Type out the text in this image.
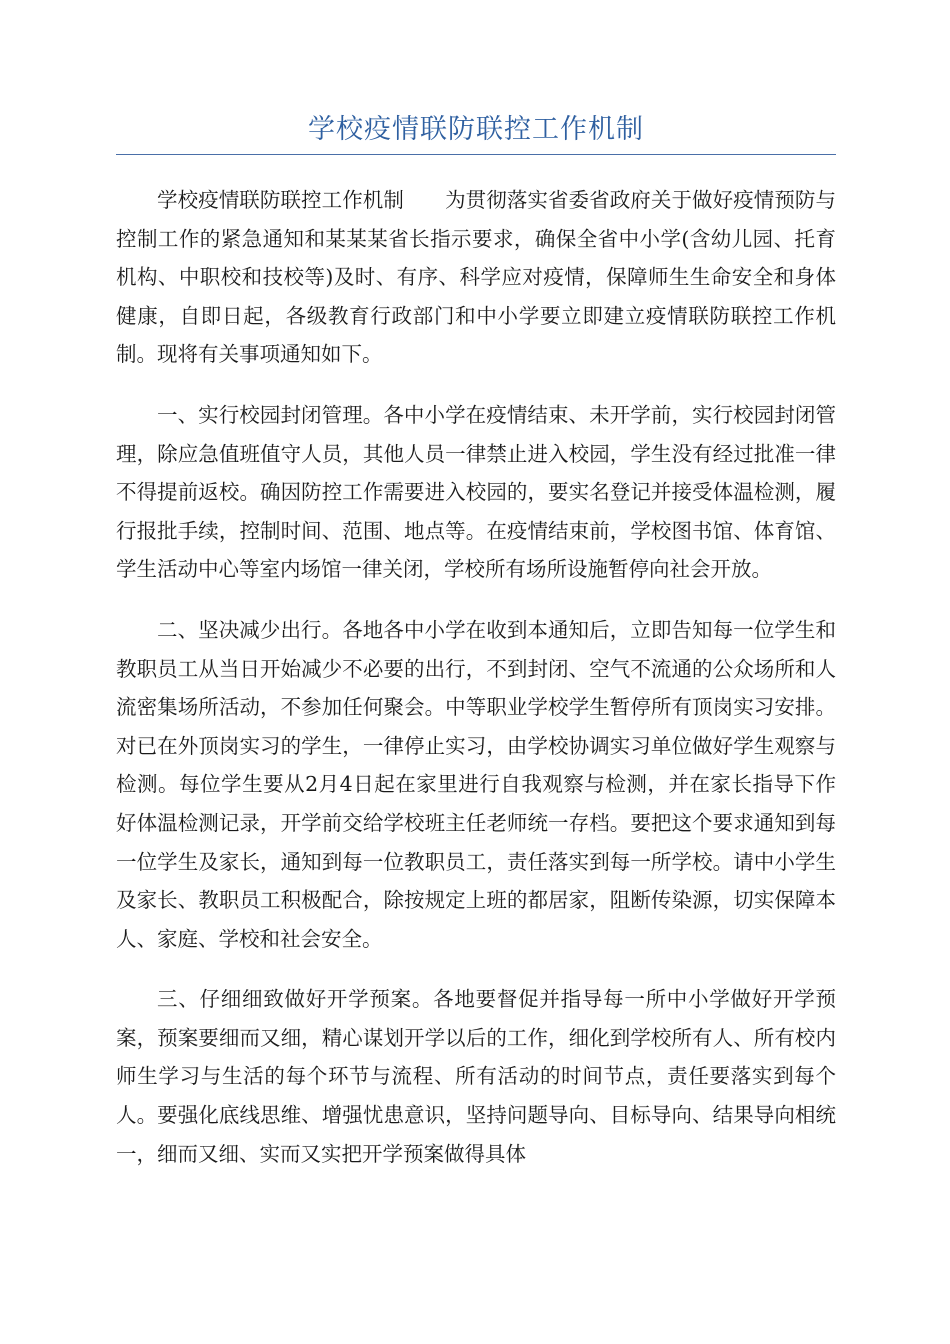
学校疫情联防联控工作机制

学校疫情联防联控工作机制　　为贯彻落实省委省政府关于做好疫情预防与控制工作的紧急通知和某某某省长指示要求，确保全省中小学(含幼儿园、托育机构、中职校和技校等)及时、有序、科学应对疫情，保障师生生命安全和身体健康，自即日起，各级教育行政部门和中小学要立即建立疫情联防联控工作机制。现将有关事项通知如下。

一、实行校园封闭管理。各中小学在疫情结束、未开学前，实行校园封闭管理，除应急值班值守人员，其他人员一律禁止进入校园，学生没有经过批准一律不得提前返校。确因防控工作需要进入校园的，要实名登记并接受体温检测，履行报批手续，控制时间、范围、地点等。在疫情结束前，学校图书馆、体育馆、学生活动中心等室内场馆一律关闭，学校所有场所设施暂停向社会开放。

二、坚决减少出行。各地各中小学在收到本通知后，立即告知每一位学生和教职员工从当日开始减少不必要的出行，不到封闭、空气不流通的公众场所和人流密集场所活动，不参加任何聚会。中等职业学校学生暂停所有顶岗实习安排。对已在外顶岗实习的学生，一律停止实习，由学校协调实习单位做好学生观察与检测。每位学生要从2月4日起在家里进行自我观察与检测，并在家长指导下作好体温检测记录，开学前交给学校班主任老师统一存档。要把这个要求通知到每一位学生及家长，通知到每一位教职员工，责任落实到每一所学校。请中小学生及家长、教职员工积极配合，除按规定上班的都居家，阻断传染源，切实保障本人、家庭、学校和社会安全。

三、仔细细致做好开学预案。各地要督促并指导每一所中小学做好开学预案，预案要细而又细，精心谋划开学以后的工作，细化到学校所有人、所有校内师生学习与生活的每个环节与流程、所有活动的时间节点，责任要落实到每个人。要强化底线思维、增强忧患意识，坚持问题导向、目标导向、结果导向相统一，细而又细、实而又实把开学预案做得具体
